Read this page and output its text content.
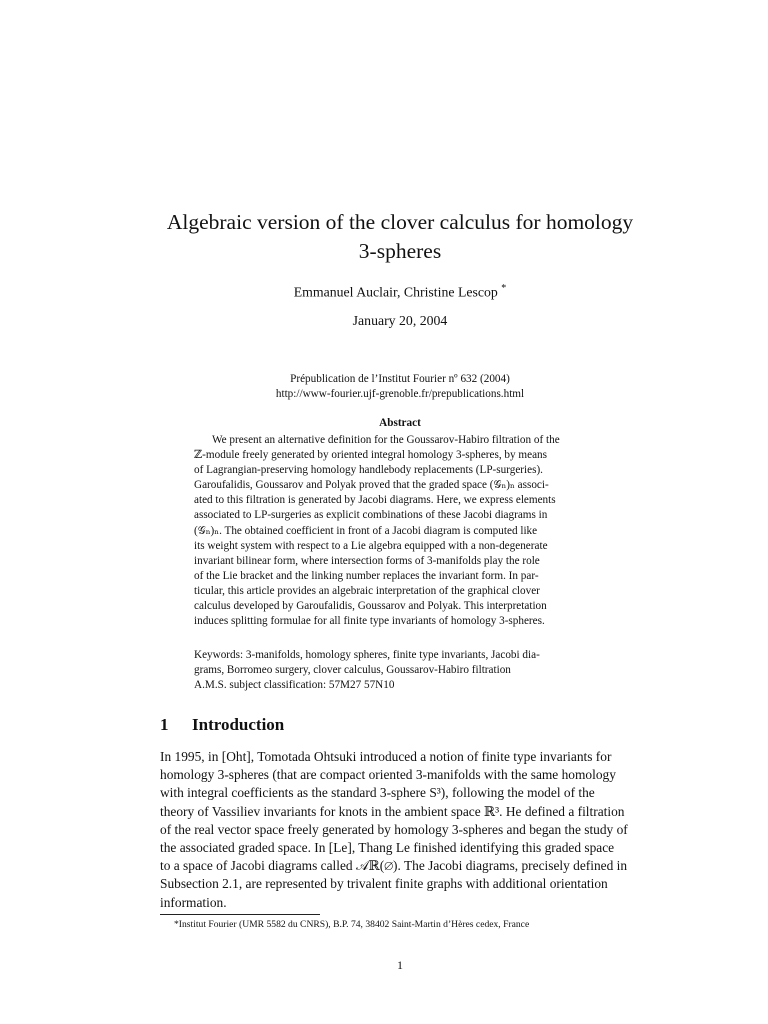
Algebraic version of the clover calculus for homology
3-spheres
Emmanuel Auclair, Christine Lescop *
January 20, 2004
Prépublication de l’Institut Fourier nº 632 (2004)
http://www-fourier.ujf-grenoble.fr/prepublications.html
Abstract
We present an alternative definition for the Goussarov-Habiro filtration of the
ℤ-module freely generated by oriented integral homology 3-spheres, by means
of Lagrangian-preserving homology handlebody replacements (LP-surgeries).
Garoufalidis, Goussarov and Polyak proved that the graded space (𝒢ₙ)ₙ associ-
ated to this filtration is generated by Jacobi diagrams. Here, we express elements
associated to LP-surgeries as explicit combinations of these Jacobi diagrams in
(𝒢ₙ)ₙ. The obtained coefficient in front of a Jacobi diagram is computed like
its weight system with respect to a Lie algebra equipped with a non-degenerate
invariant bilinear form, where intersection forms of 3-manifolds play the role
of the Lie bracket and the linking number replaces the invariant form. In par-
ticular, this article provides an algebraic interpretation of the graphical clover
calculus developed by Garoufalidis, Goussarov and Polyak. This interpretation
induces splitting formulae for all finite type invariants of homology 3-spheres.
Keywords: 3-manifolds, homology spheres, finite type invariants, Jacobi dia-
grams, Borromeo surgery, clover calculus, Goussarov-Habiro filtration
A.M.S. subject classification: 57M27 57N10
1 Introduction
In 1995, in [Oht], Tomotada Ohtsuki introduced a notion of finite type invariants for
homology 3-spheres (that are compact oriented 3-manifolds with the same homology
with integral coefficients as the standard 3-sphere S³), following the model of the
theory of Vassiliev invariants for knots in the ambient space ℝ³. He defined a filtration
of the real vector space freely generated by homology 3-spheres and began the study of
the associated graded space. In [Le], Thang Le finished identifying this graded space
to a space of Jacobi diagrams called 𝒜ℝ(∅). The Jacobi diagrams, precisely defined in
Subsection 2.1, are represented by trivalent finite graphs with additional orientation
information.
*Institut Fourier (UMR 5582 du CNRS), B.P. 74, 38402 Saint-Martin d’Hères cedex, France
1
